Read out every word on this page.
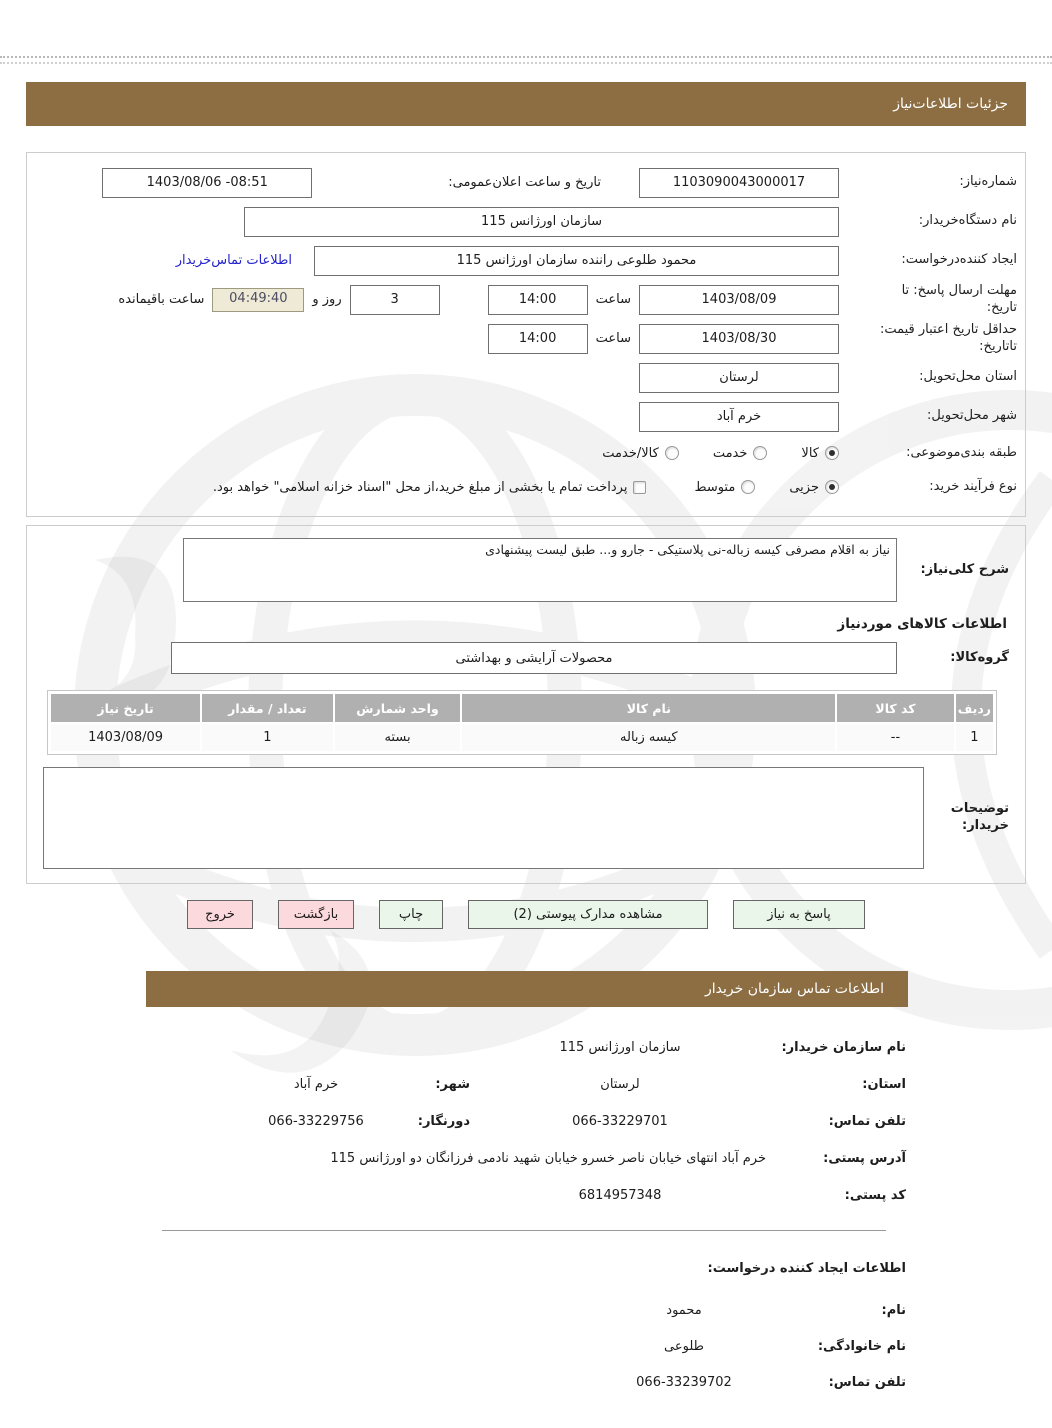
جزئیات اطلاعات‌نیاز
شماره‌نیاز:
1103090043000017
تاریخ و ساعت اعلان‌عمومی:
1403/08/06 -08:51
نام دستگاه‌خریدار:
سازمان اورژانس 115
ایجاد کننده‌درخواست:
محمود طلوعی راننده سازمان اورژانس 115
اطلاعات تماس‌خریدار
مهلت ارسال پاسخ: تا
تاریخ:
1403/08/09
ساعت
14:00
3
روز و
04:49:40
ساعت باقیمانده
حداقل تاریخ اعتبار قیمت:
تاتاریخ:
1403/08/30
ساعت
14:00
استان محل‌تحویل:
لرستان
شهر محل‌تحویل:
خرم آباد
طبقه بندی‌موضوعی:
کالا
خدمت
کالا/خدمت
نوع فرآیند خرید:
جزیی
متوسط
پرداخت تمام یا بخشی از مبلغ خرید،از محل "اسناد خزانه اسلامی" خواهد بود.
شرح کلی‌نیاز:
نیاز به اقلام مصرفی کیسه زباله-نی پلاستیکی - جارو و... طبق لیست پیشنهادی
اطلاعات کالاهای موردنیاز
گروه‌کالا:
محصولات آرایشی و بهداشتی
ردیف	کد کالا	نام کالا	واحد شمارش	تعداد / مقدار	تاریخ نیاز
1	--	کیسه زباله	بسته	1	1403/08/09
توضیحات
خریدار:
پاسخ به نیاز
مشاهده مدارک پیوستی (2)
چاپ
بازگشت
خروج
اطلاعات تماس سازمان خریدار
نام سازمان خریدار:
سازمان اورژانس 115
استان:
لرستان
شهر:
خرم آباد
تلفن تماس:
066-33229701
دورنگار:
066-33229756
آدرس پستی:
خرم آباد انتهای خیابان ناصر خسرو خیابان شهید نادمی فرزانگان دو اورژانس 115
کد پستی:
6814957348
اطلاعات ایجاد کننده درخواست:
نام:
محمود
نام خانوادگی:
طلوعی
تلفن تماس:
066-33239702
